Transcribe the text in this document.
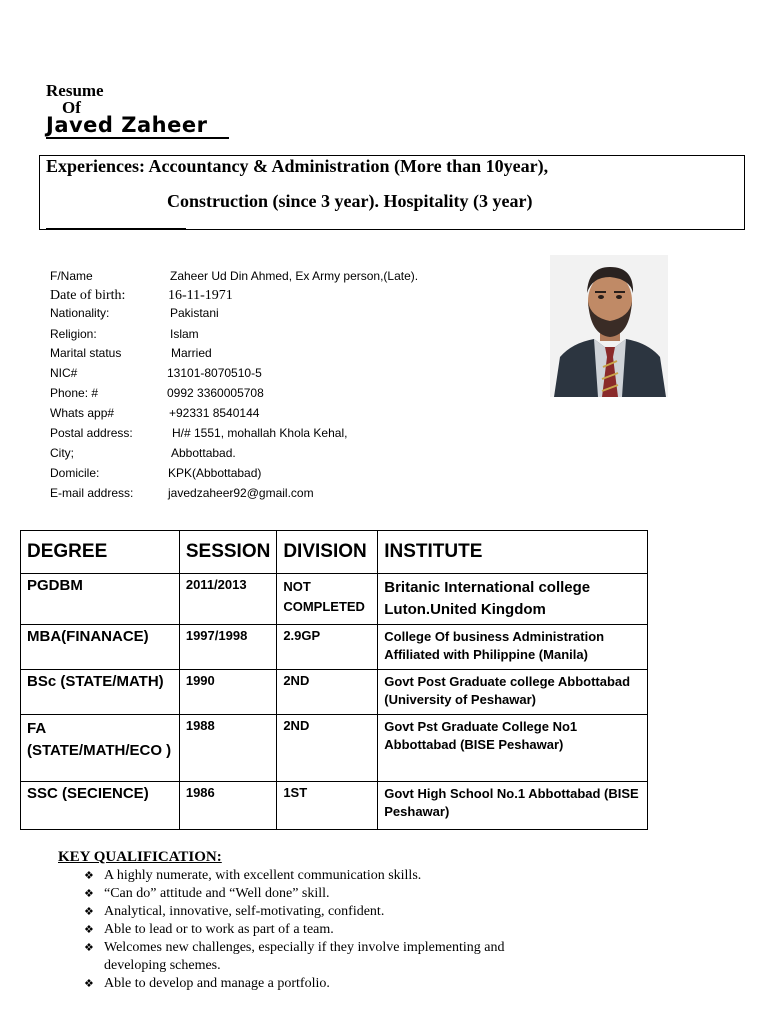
Resume
Of
Javed Zaheer
Experiences: Accountancy & Administration (More than 10year),
Construction (since 3 year). Hospitality (3 year)
F/Name	Zaheer Ud Din Ahmed, Ex Army person,(Late).
Date of birth:	16-11-1971
Nationality:	Pakistani
Religion:	Islam
Marital status	Married
NIC#	13101-8070510-5
Phone: #	0992 3360005708
Whats app#	+92331 8540144
Postal address:	H/# 1551, mohallah Khola Kehal,
City;	Abbottabad.
Domicile:	KPK(Abbottabad)
E-mail address:	javedzaheer92@gmail.com
DEGREE	SESSION	DIVISION	INSTITUTE
PGDBM	2011/2013	NOT COMPLETED	Britanic International college Luton.United Kingdom
MBA(FINANACE)	1997/1998	2.9GP	College Of business Administration Affiliated with Philippine (Manila)
BSc (STATE/MATH)	1990	2ND	Govt Post Graduate college Abbottabad (University of Peshawar)
FA (STATE/MATH/ECO )	1988	2ND	Govt Pst Graduate College No1 Abbottabad (BISE Peshawar)
SSC (SECIENCE)	1986	1ST	Govt High School No.1 Abbottabad (BISE Peshawar)
KEY QUALIFICATION:
❖ A highly numerate, with excellent communication skills.
❖ “Can do” attitude and “Well done” skill.
❖ Analytical, innovative, self-motivating, confident.
❖ Able to lead or to work as part of a team.
❖ Welcomes new challenges, especially if they involve implementing and developing schemes.
❖ Able to develop and manage a portfolio.
